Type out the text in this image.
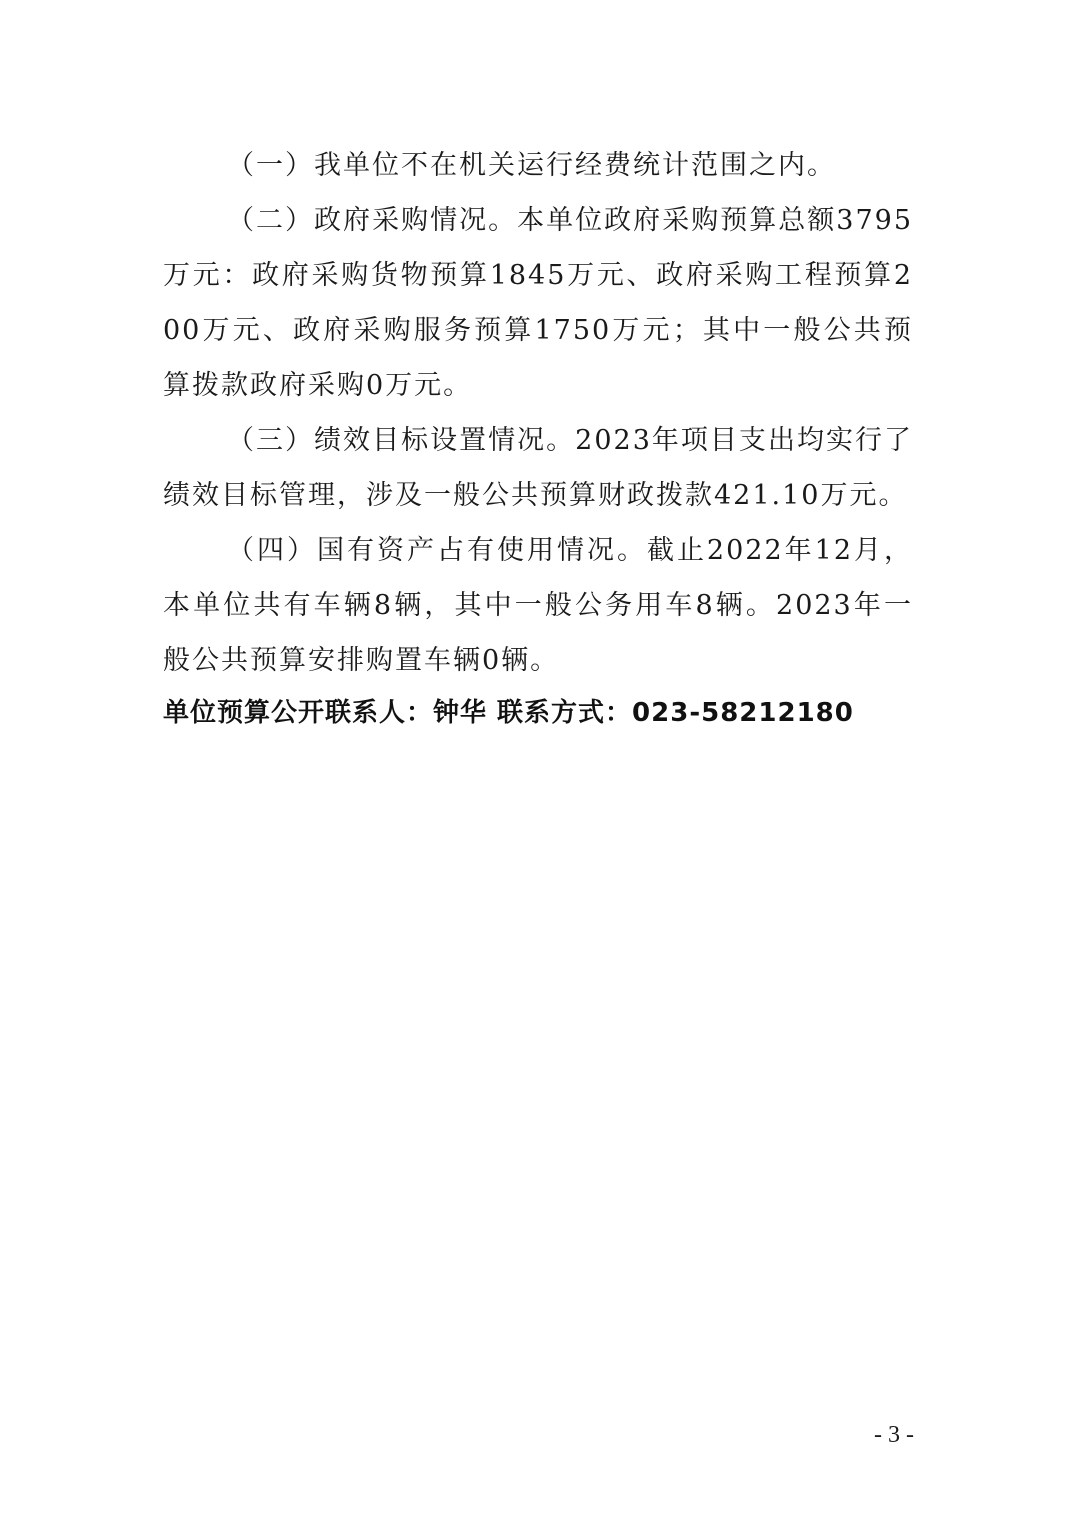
（一）我单位不在机关运行经费统计范围之内。

（二）政府采购情况。本单位政府采购预算总额3795万元：政府采购货物预算1845万元、政府采购工程预算200万元、政府采购服务预算1750万元；其中一般公共预算拨款政府采购0万元。

（三）绩效目标设置情况。2023年项目支出均实行了绩效目标管理，涉及一般公共预算财政拨款421.10万元。

（四）国有资产占有使用情况。截止2022年12月，本单位共有车辆8辆，其中一般公务用车8辆。2023年一般公共预算安排购置车辆0辆。

单位预算公开联系人：钟华 联系方式：023-58212180

- 3 -
